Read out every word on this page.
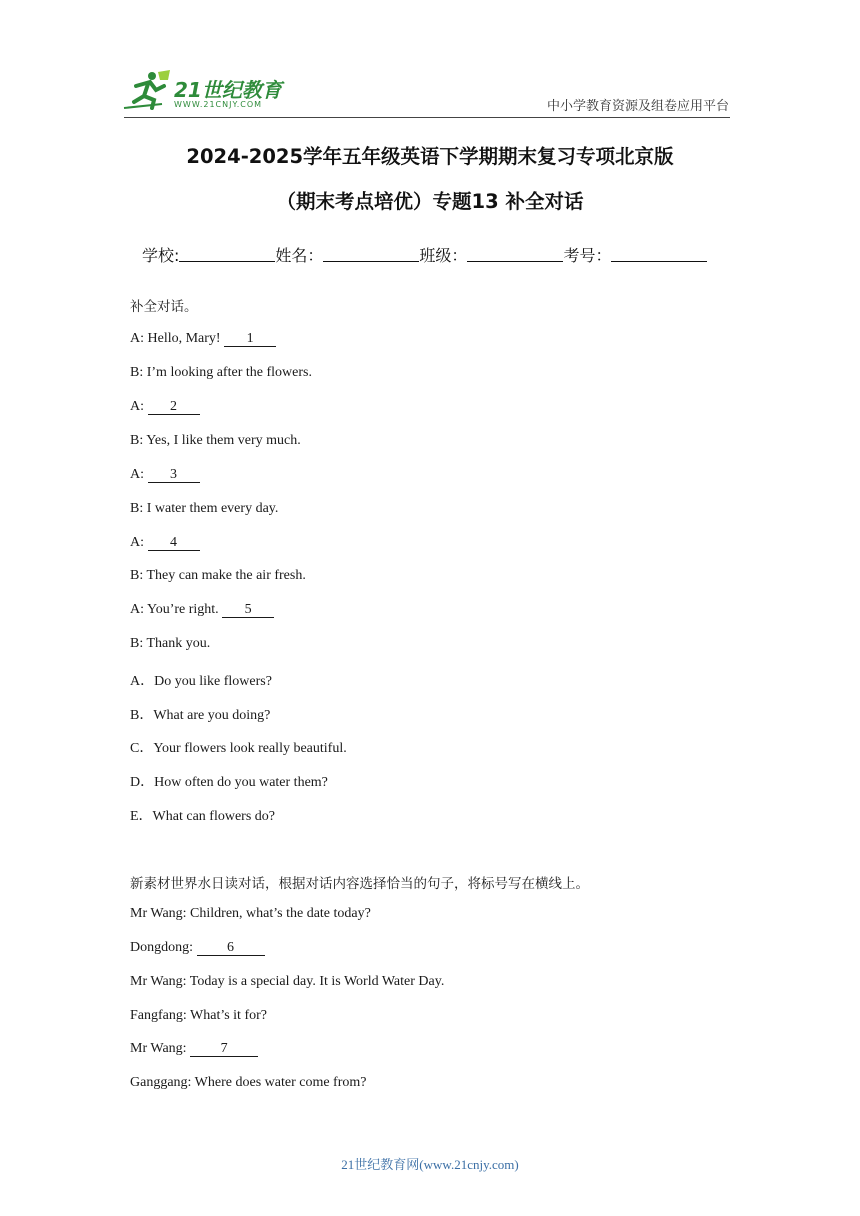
21世纪教育
WWW.21CNJY.COM	中小学教育资源及组卷应用平台
2024-2025学年五年级英语下学期期末复习专项北京版
（期末考点培优）专题13 补全对话
学校:	姓名：	班级：	考号：
补全对话。
A: Hello, Mary! 1
B: I’m looking after the flowers.
A: 2
B: Yes, I like them very much.
A: 3
B: I water them every day.
A: 4
B: They can make the air fresh.
A: You’re right. 5
B: Thank you.
A．Do you like flowers?
B．What are you doing?
C．Your flowers look really beautiful.
D．How often do you water them?
E．What can flowers do?
新素材世界水日读对话，根据对话内容选择恰当的句子，将标号写在横线上。
Mr Wang: Children, what’s the date today?
Dongdong: 6
Mr Wang: Today is a special day. It is World Water Day.
Fangfang: What’s it for?
Mr Wang: 7
Ganggang: Where does water come from?
21世纪教育网(www.21cnjy.com)
